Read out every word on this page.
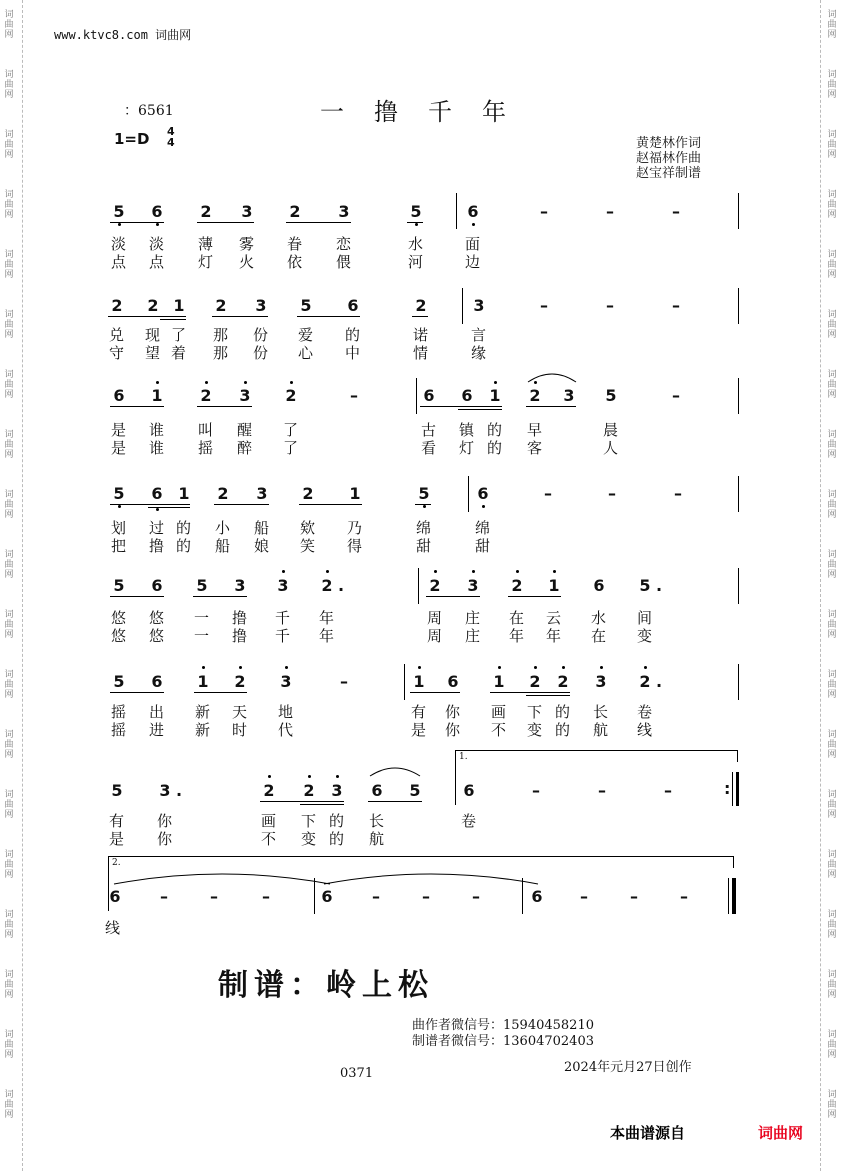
词
曲
网
词
曲
网
词
曲
网
词
曲
网
词
曲
网
词
曲
网
词
曲
网
词
曲
网
词
曲
网
词
曲
网
词
曲
网
词
曲
网
词
曲
网
词
曲
网
词
曲
网
词
曲
网
词
曲
网
词
曲
网
词
曲
网
词
曲
网
词
曲
网
词
曲
网
词
曲
网
词
曲
网
词
曲
网
词
曲
网
词
曲
网
词
曲
网
词
曲
网
词
曲
网
词
曲
网
词
曲
网
词
曲
网
词
曲
网
词
曲
网
词
曲
网
词
曲
网
词
曲
网
www.ktvc8.com 词曲网
：6561	一撸千年
1=D 4
4	黄楚林作词
赵福林作曲
赵宝祥制谱
5 6 2 3 2 3	5	6	–	–	–
淡 淡 薄 雾 眷 恋	水	面
点 点 灯 火 依 偎	河	边
2 2 1 2 3 5 6	2	3	–	–	–
兑 现 了 那 份 爱 的	诺	言
守 望 着 那 份 心 中	情	缘
6 1 2 3 2	–	6 6 1 2 3 5	–
是 谁 叫 醒 了	古 镇 的 早	晨
是 谁 摇 醉 了	看 灯 的 客	人
5 6 1 2 3 2 1	5	6	–	–	–
划 过 的 小 船 欸 乃	绵	绵
把 撸 的 船 娘 笑 得	甜	甜
5 6 5 3 3 2 .	2 3 2 1 6 5 .
悠 悠 一 撸 千 年	周 庄 在 云 水 间
悠 悠 一 撸 千 年	周 庄 年 年 在 变
5 6 1 2 3	–	1 6 1 2 2 3 2 .
摇 出 新 天 地	有 你 画 下 的 长 卷
摇 进 新 时 代	是 你 不 变 的 航 线
5 3 .	2 2 3 6 5
1.
6	–	–	–	:
有 你	画 下 的 长	卷
是 你	不 变 的 航
2.
6 –	–	–	6 –	–	–	6 –	–	–
线
制谱：岭上松
曲作者微信号：15940458210
制谱者微信号：13604702403
2024年元月27日创作
0371
本曲谱源自	词曲网
